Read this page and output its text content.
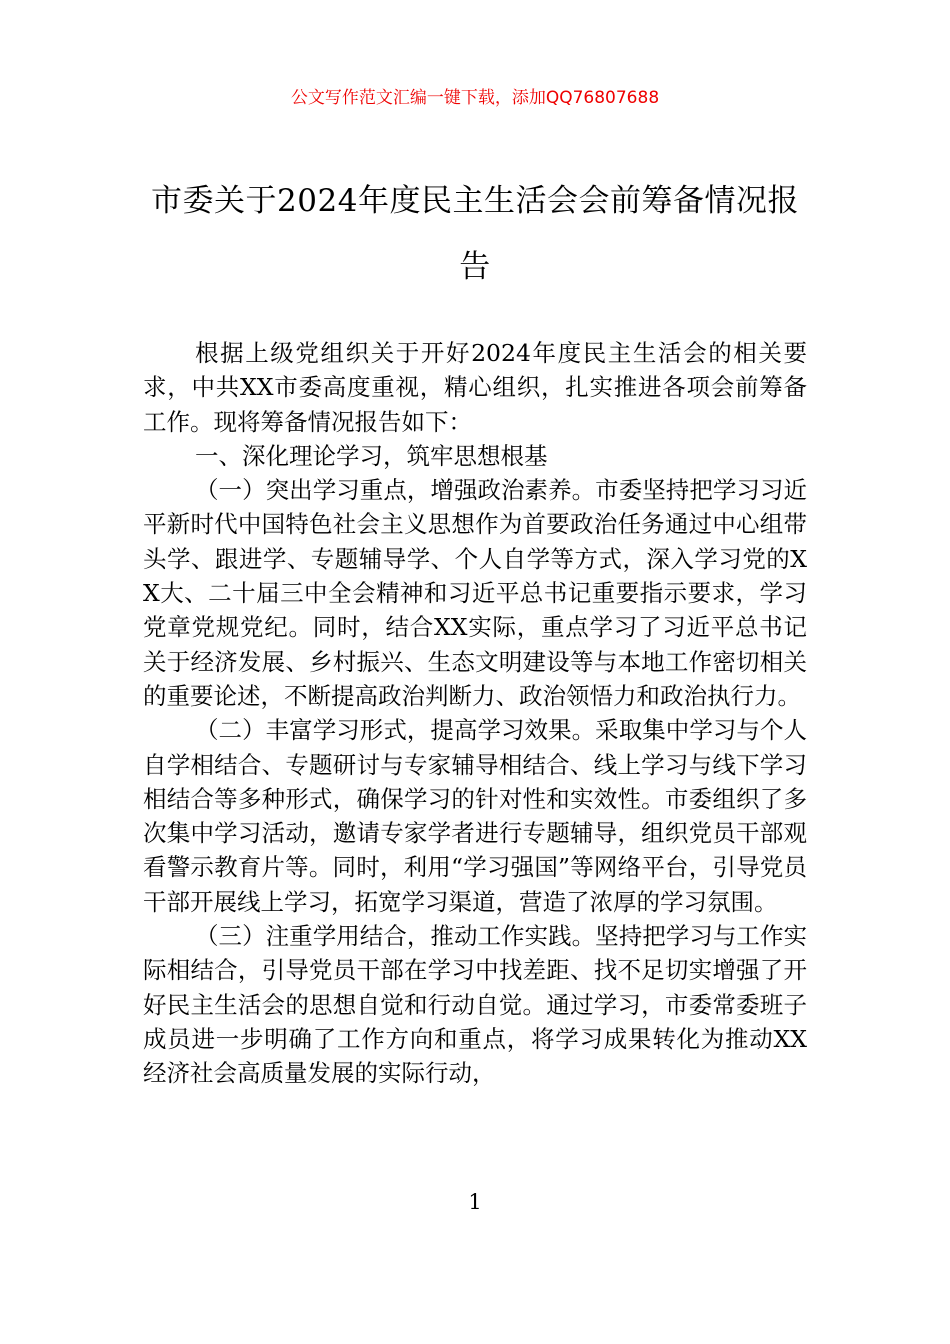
公文写作范文汇编一键下载，添加QQ76807688
市委关于2024年度民主生活会会前筹备情况报告

根据上级党组织关于开好2024年度民主生活会的相关要求，中共XX市委高度重视，精心组织，扎实推进各项会前筹备工作。现将筹备情况报告如下：

一、深化理论学习，筑牢思想根基

（一）突出学习重点，增强政治素养。市委坚持把学习习近平新时代中国特色社会主义思想作为首要政治任务通过中心组带头学、跟进学、专题辅导学、个人自学等方式，深入学习党的XX大、二十届三中全会精神和习近平总书记重要指示要求，学习党章党规党纪。同时，结合XX实际，重点学习了习近平总书记关于经济发展、乡村振兴、生态文明建设等与本地工作密切相关的重要论述，不断提高政治判断力、政治领悟力和政治执行力。

（二）丰富学习形式，提高学习效果。采取集中学习与个人自学相结合、专题研讨与专家辅导相结合、线上学习与线下学习相结合等多种形式，确保学习的针对性和实效性。市委组织了多次集中学习活动，邀请专家学者进行专题辅导，组织党员干部观看警示教育片等。同时，利用“学习强国”等网络平台，引导党员干部开展线上学习，拓宽学习渠道，营造了浓厚的学习氛围。

（三）注重学用结合，推动工作实践。坚持把学习与工作实际相结合，引导党员干部在学习中找差距、找不足切实增强了开好民主生活会的思想自觉和行动自觉。通过学习，市委常委班子成员进一步明确了工作方向和重点，将学习成果转化为推动XX经济社会高质量发展的实际行动，

1
